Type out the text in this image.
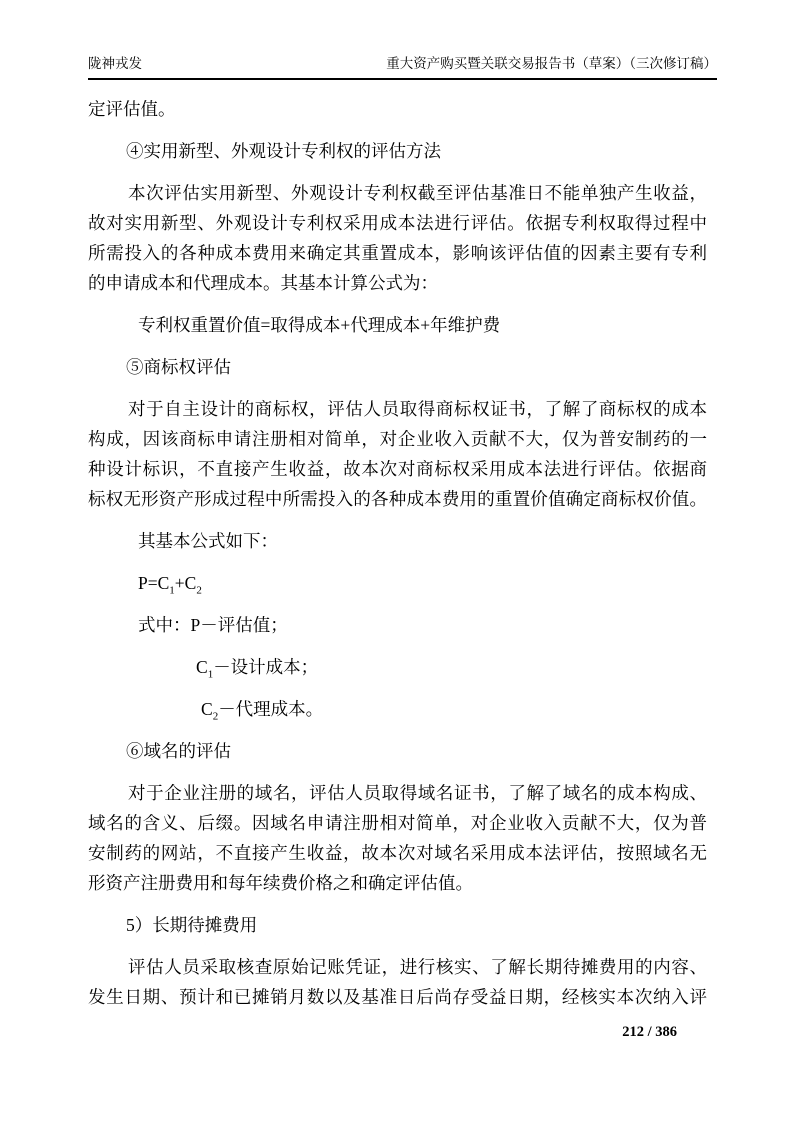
陇神戎发	重大资产购买暨关联交易报告书（草案）（三次修订稿）
定评估值。
④实用新型、外观设计专利权的评估方法
本次评估实用新型、外观设计专利权截至评估基准日不能单独产生收益，
故对实用新型、外观设计专利权采用成本法进行评估。依据专利权取得过程中
所需投入的各种成本费用来确定其重置成本，影响该评估值的因素主要有专利
的申请成本和代理成本。其基本计算公式为：
专利权重置价值=取得成本+代理成本+年维护费
⑤商标权评估
对于自主设计的商标权，评估人员取得商标权证书，了解了商标权的成本
构成，因该商标申请注册相对简单，对企业收入贡献不大，仅为普安制药的一
种设计标识，不直接产生收益，故本次对商标权采用成本法进行评估。依据商
标权无形资产形成过程中所需投入的各种成本费用的重置价值确定商标权价值。
其基本公式如下：
$P=C_1+C_2$
式中：P－评估值；
$C_1-$设计成本；
$C_2-$代理成本。
⑥域名的评估
对于企业注册的域名，评估人员取得域名证书，了解了域名的成本构成、
域名的含义、后缀。因域名申请注册相对简单，对企业收入贡献不大，仅为普
安制药的网站，不直接产生收益，故本次对域名采用成本法评估，按照域名无
形资产注册费用和每年续费价格之和确定评估值。
5）长期待摊费用
评估人员采取核查原始记账凭证，进行核实、了解长期待摊费用的内容、
发生日期、预计和已摊销月数以及基准日后尚存受益日期，经核实本次纳入评
212 / 386
